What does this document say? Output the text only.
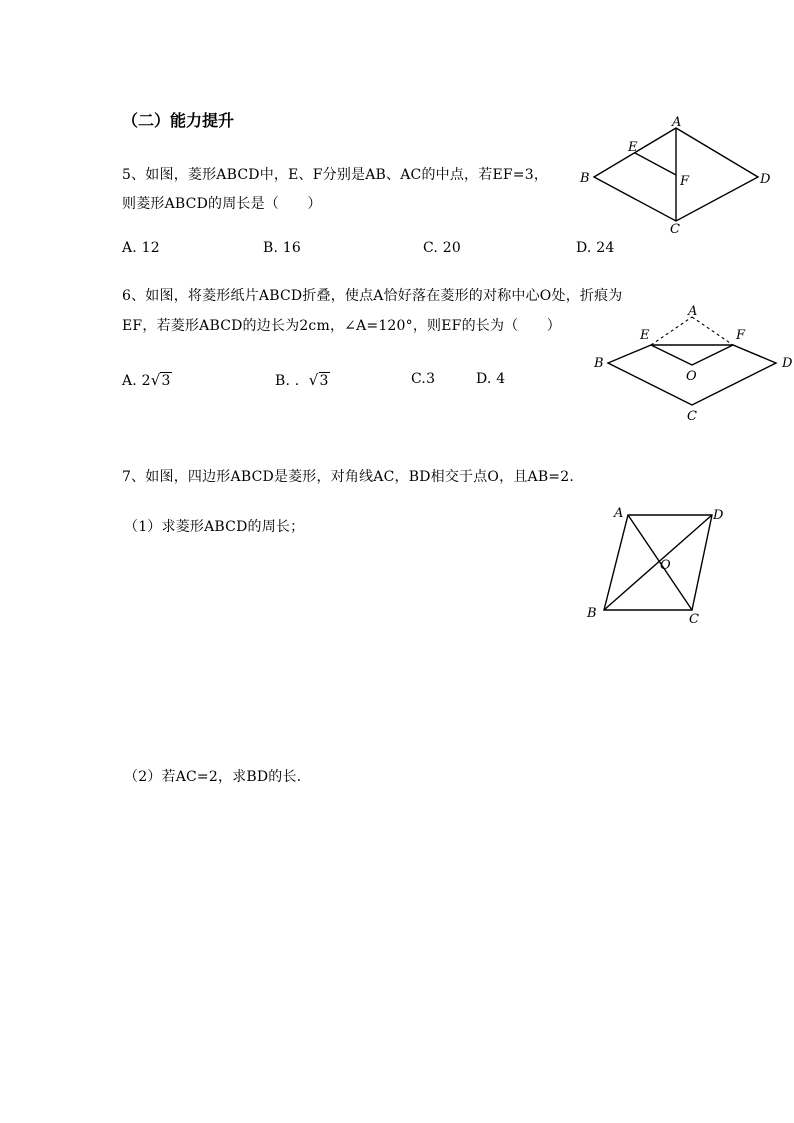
（二）能力提升
5、如图，菱形ABCD中，E、F分别是AB、AC的中点，若EF=3，
则菱形ABCD的周长是（　　）
A. 12	B. 16	C. 20	D. 24
A
B
C
D
E
F
6、如图，将菱形纸片ABCD折叠，使点A恰好落在菱形的对称中心O处，折痕为
EF，若菱形ABCD的边长为2cm，∠A=120°，则EF的长为（　　）
A. 2√3	B. . √3	C.3	D. 4
A
B
C
D
E	F
O
7、如图，四边形ABCD是菱形，对角线AC，BD相交于点O，且AB=2.
（1）求菱形ABCD的周长；
（2）若AC=2，求BD的长.
A
B	C
D
O
